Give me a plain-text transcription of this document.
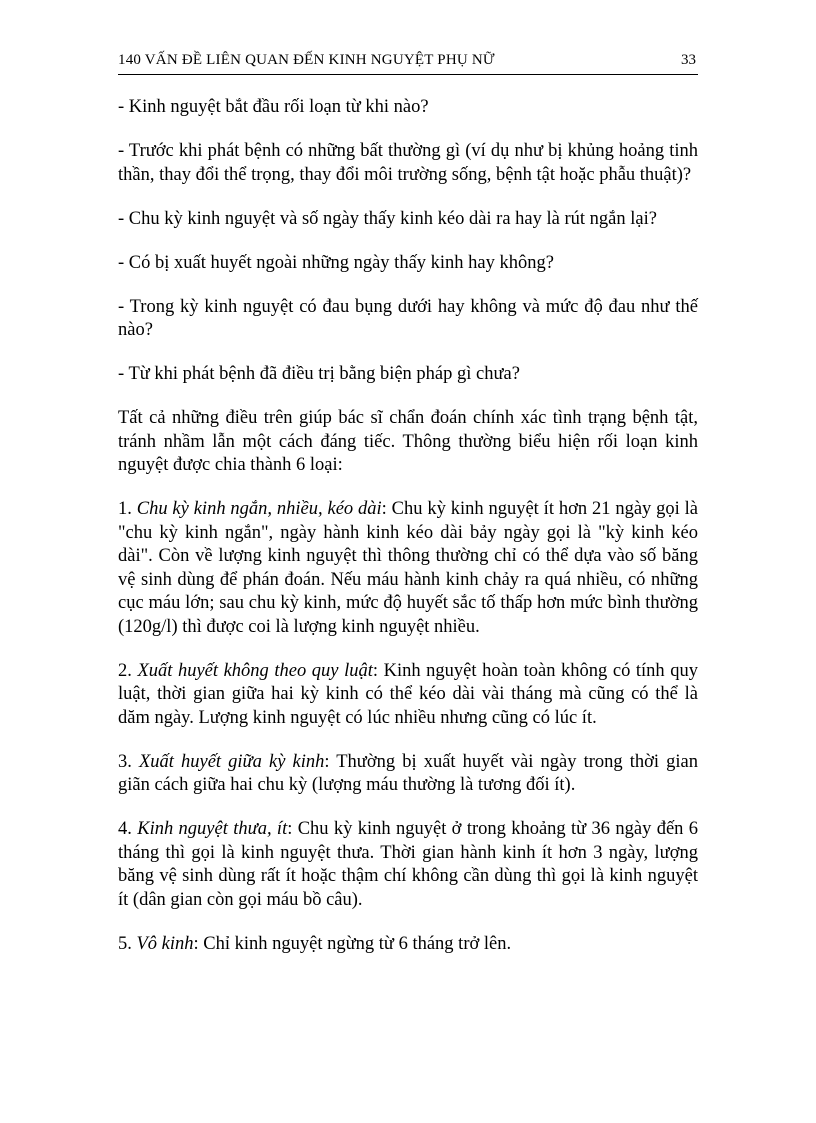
140 VẤN ĐỀ LIÊN QUAN ĐẾN KINH NGUYỆT PHỤ NỮ	33

- Kinh nguyệt bắt đầu rối loạn từ khi nào?

- Trước khi phát bệnh có những bất thường gì (ví dụ như bị khủng hoảng tinh thần, thay đổi thể trọng, thay đổi môi trường sống, bệnh tật hoặc phẫu thuật)?

- Chu kỳ kinh nguyệt và số ngày thấy kinh kéo dài ra hay là rút ngắn lại?

- Có bị xuất huyết ngoài những ngày thấy kinh hay không?

- Trong kỳ kinh nguyệt có đau bụng dưới hay không và mức độ đau như thế nào?

- Từ khi phát bệnh đã điều trị bằng biện pháp gì chưa?

Tất cả những điều trên giúp bác sĩ chẩn đoán chính xác tình trạng bệnh tật, tránh nhầm lẫn một cách đáng tiếc. Thông thường biểu hiện rối loạn kinh nguyệt được chia thành 6 loại:

1. Chu kỳ kinh ngắn, nhiều, kéo dài: Chu kỳ kinh nguyệt ít hơn 21 ngày gọi là "chu kỳ kinh ngắn", ngày hành kinh kéo dài bảy ngày gọi là "kỳ kinh kéo dài". Còn về lượng kinh nguyệt thì thông thường chỉ có thể dựa vào số băng vệ sinh dùng để phán đoán. Nếu máu hành kinh chảy ra quá nhiều, có những cục máu lớn; sau chu kỳ kinh, mức độ huyết sắc tố thấp hơn mức bình thường (120g/l) thì được coi là lượng kinh nguyệt nhiều.

2. Xuất huyết không theo quy luật: Kinh nguyệt hoàn toàn không có tính quy luật, thời gian giữa hai kỳ kinh có thể kéo dài vài tháng mà cũng có thể là dăm ngày. Lượng kinh nguyệt có lúc nhiều nhưng cũng có lúc ít.

3. Xuất huyết giữa kỳ kinh: Thường bị xuất huyết vài ngày trong thời gian giãn cách giữa hai chu kỳ (lượng máu thường là tương đối ít).

4. Kinh nguyệt thưa, ít: Chu kỳ kinh nguyệt ở trong khoảng từ 36 ngày đến 6 tháng thì gọi là kinh nguyệt thưa. Thời gian hành kinh ít hơn 3 ngày, lượng băng vệ sinh dùng rất ít hoặc thậm chí không cần dùng thì gọi là kinh nguyệt ít (dân gian còn gọi máu bồ câu).

5. Vô kinh: Chỉ kinh nguyệt ngừng từ 6 tháng trở lên.
